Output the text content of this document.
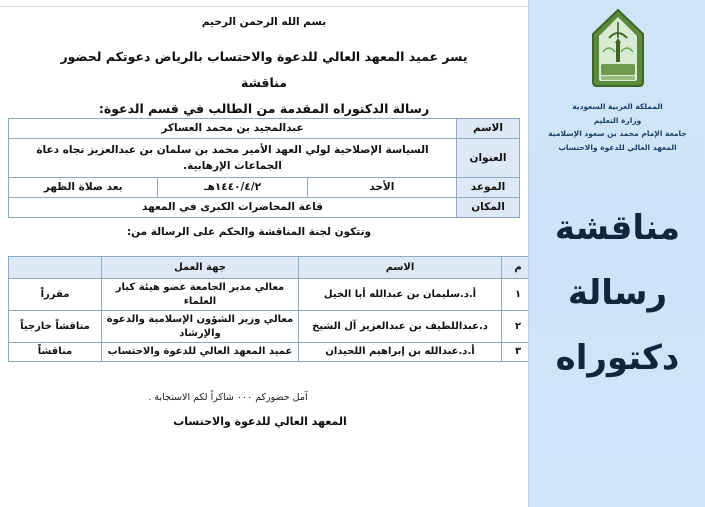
بسم الله الرحمن الرحيم
يسر عميد المعهد العالي للدعوة والاحتساب بالرياض دعوتكم لحضور مناقشة
رسالة الدكتوراه المقدمة من الطالب في قسم الدعوة:
الاسم	عبدالمجيد بن محمد العساكر		
العنوان	السياسة الإصلاحية لولي العهد الأمير محمد بن سلمان بن عبدالعزيز تجاه دعاة الجماعات الإرهابية.		
الموعد	الأحد	١٤٤٠/٤/٢هـ	بعد صلاة الظهر
المكان	قاعة المحاضرات الكبرى في المعهد		
وتتكون لجنة المناقشة والحكم على الرسالة من:
م	الاسم	جهة العمل	
١	أ.د.سليمان بن عبدالله أبا الخيل	معالي مدير الجامعة عضو هيئة كبار العلماء	مقرراً
٢	د.عبداللطيف بن عبدالعزيز آل الشيخ	معالي وزير الشؤون الإسلامية والدعوة والإرشاد	مناقشاً خارجياً
٣	أ.د.عبدالله بن إبراهيم اللحيدان	عميد المعهد العالي للدعوة والاحتساب	مناقشاً
آمل حضوركم ٠٠٠ شاكراً لكم الاستجابة .
المعهد العالي للدعوة والاحتساب
المملكة العربية السعودية
وزارة التعليم
جامعة الإمام محمد بن سعود الإسلامية
المعهد العالي للدعوة والاحتساب
مناقشة
رسالة
دكتوراه
